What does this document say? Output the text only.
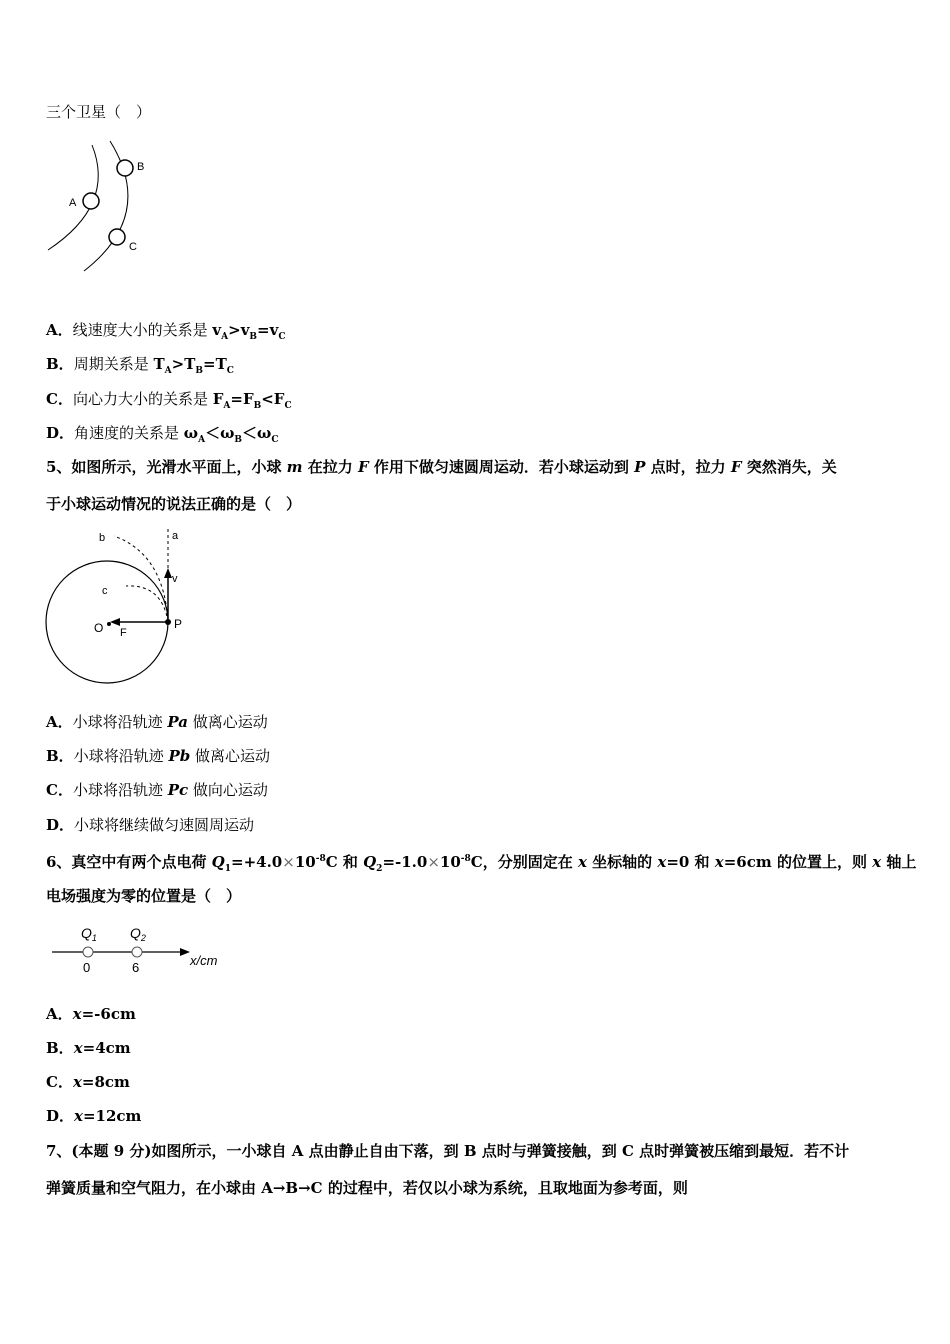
三个卫星（　）
A
B
C
A．线速度大小的关系是 $v_A>v_B=v_C$
B．周期关系是 $T_A>T_B=T_C$
C．向心力大小的关系是 $F_A=F_B<F_C$
D．角速度的关系是 $\omega_A<\omega_B<\omega_C$
5、如图所示，光滑水平面上，小球 m 在拉力 F 作用下做匀速圆周运动．若小球运动到 P 点时，拉力 F 突然消失，关
于小球运动情况的说法正确的是（　）
a
b
c
v
O F
P
A．小球将沿轨迹 Pa 做离心运动
B．小球将沿轨迹 Pb 做离心运动
C．小球将沿轨迹 Pc 做向心运动
D．小球将继续做匀速圆周运动
6、真空中有两个点电荷 $Q_1=+4.0\times 10^{-8}C$ 和 $Q_2=-1.0\times 10^{-8}C$，分别固定在 x 坐标轴的 x=0 和 x=6cm 的位置上，则 x 轴上
电场强度为零的位置是（　）
$Q_1$ $Q_2$
0	6	x/cm
A．x=-6cm
B．x=4cm
C．x=8cm
D．x=12cm
7、(本题 9 分)如图所示，一小球自 A 点由静止自由下落，到 B 点时与弹簧接触，到 C 点时弹簧被压缩到最短．若不计
弹簧质量和空气阻力，在小球由 A→B→C 的过程中，若仅以小球为系统，且取地面为参考面，则
